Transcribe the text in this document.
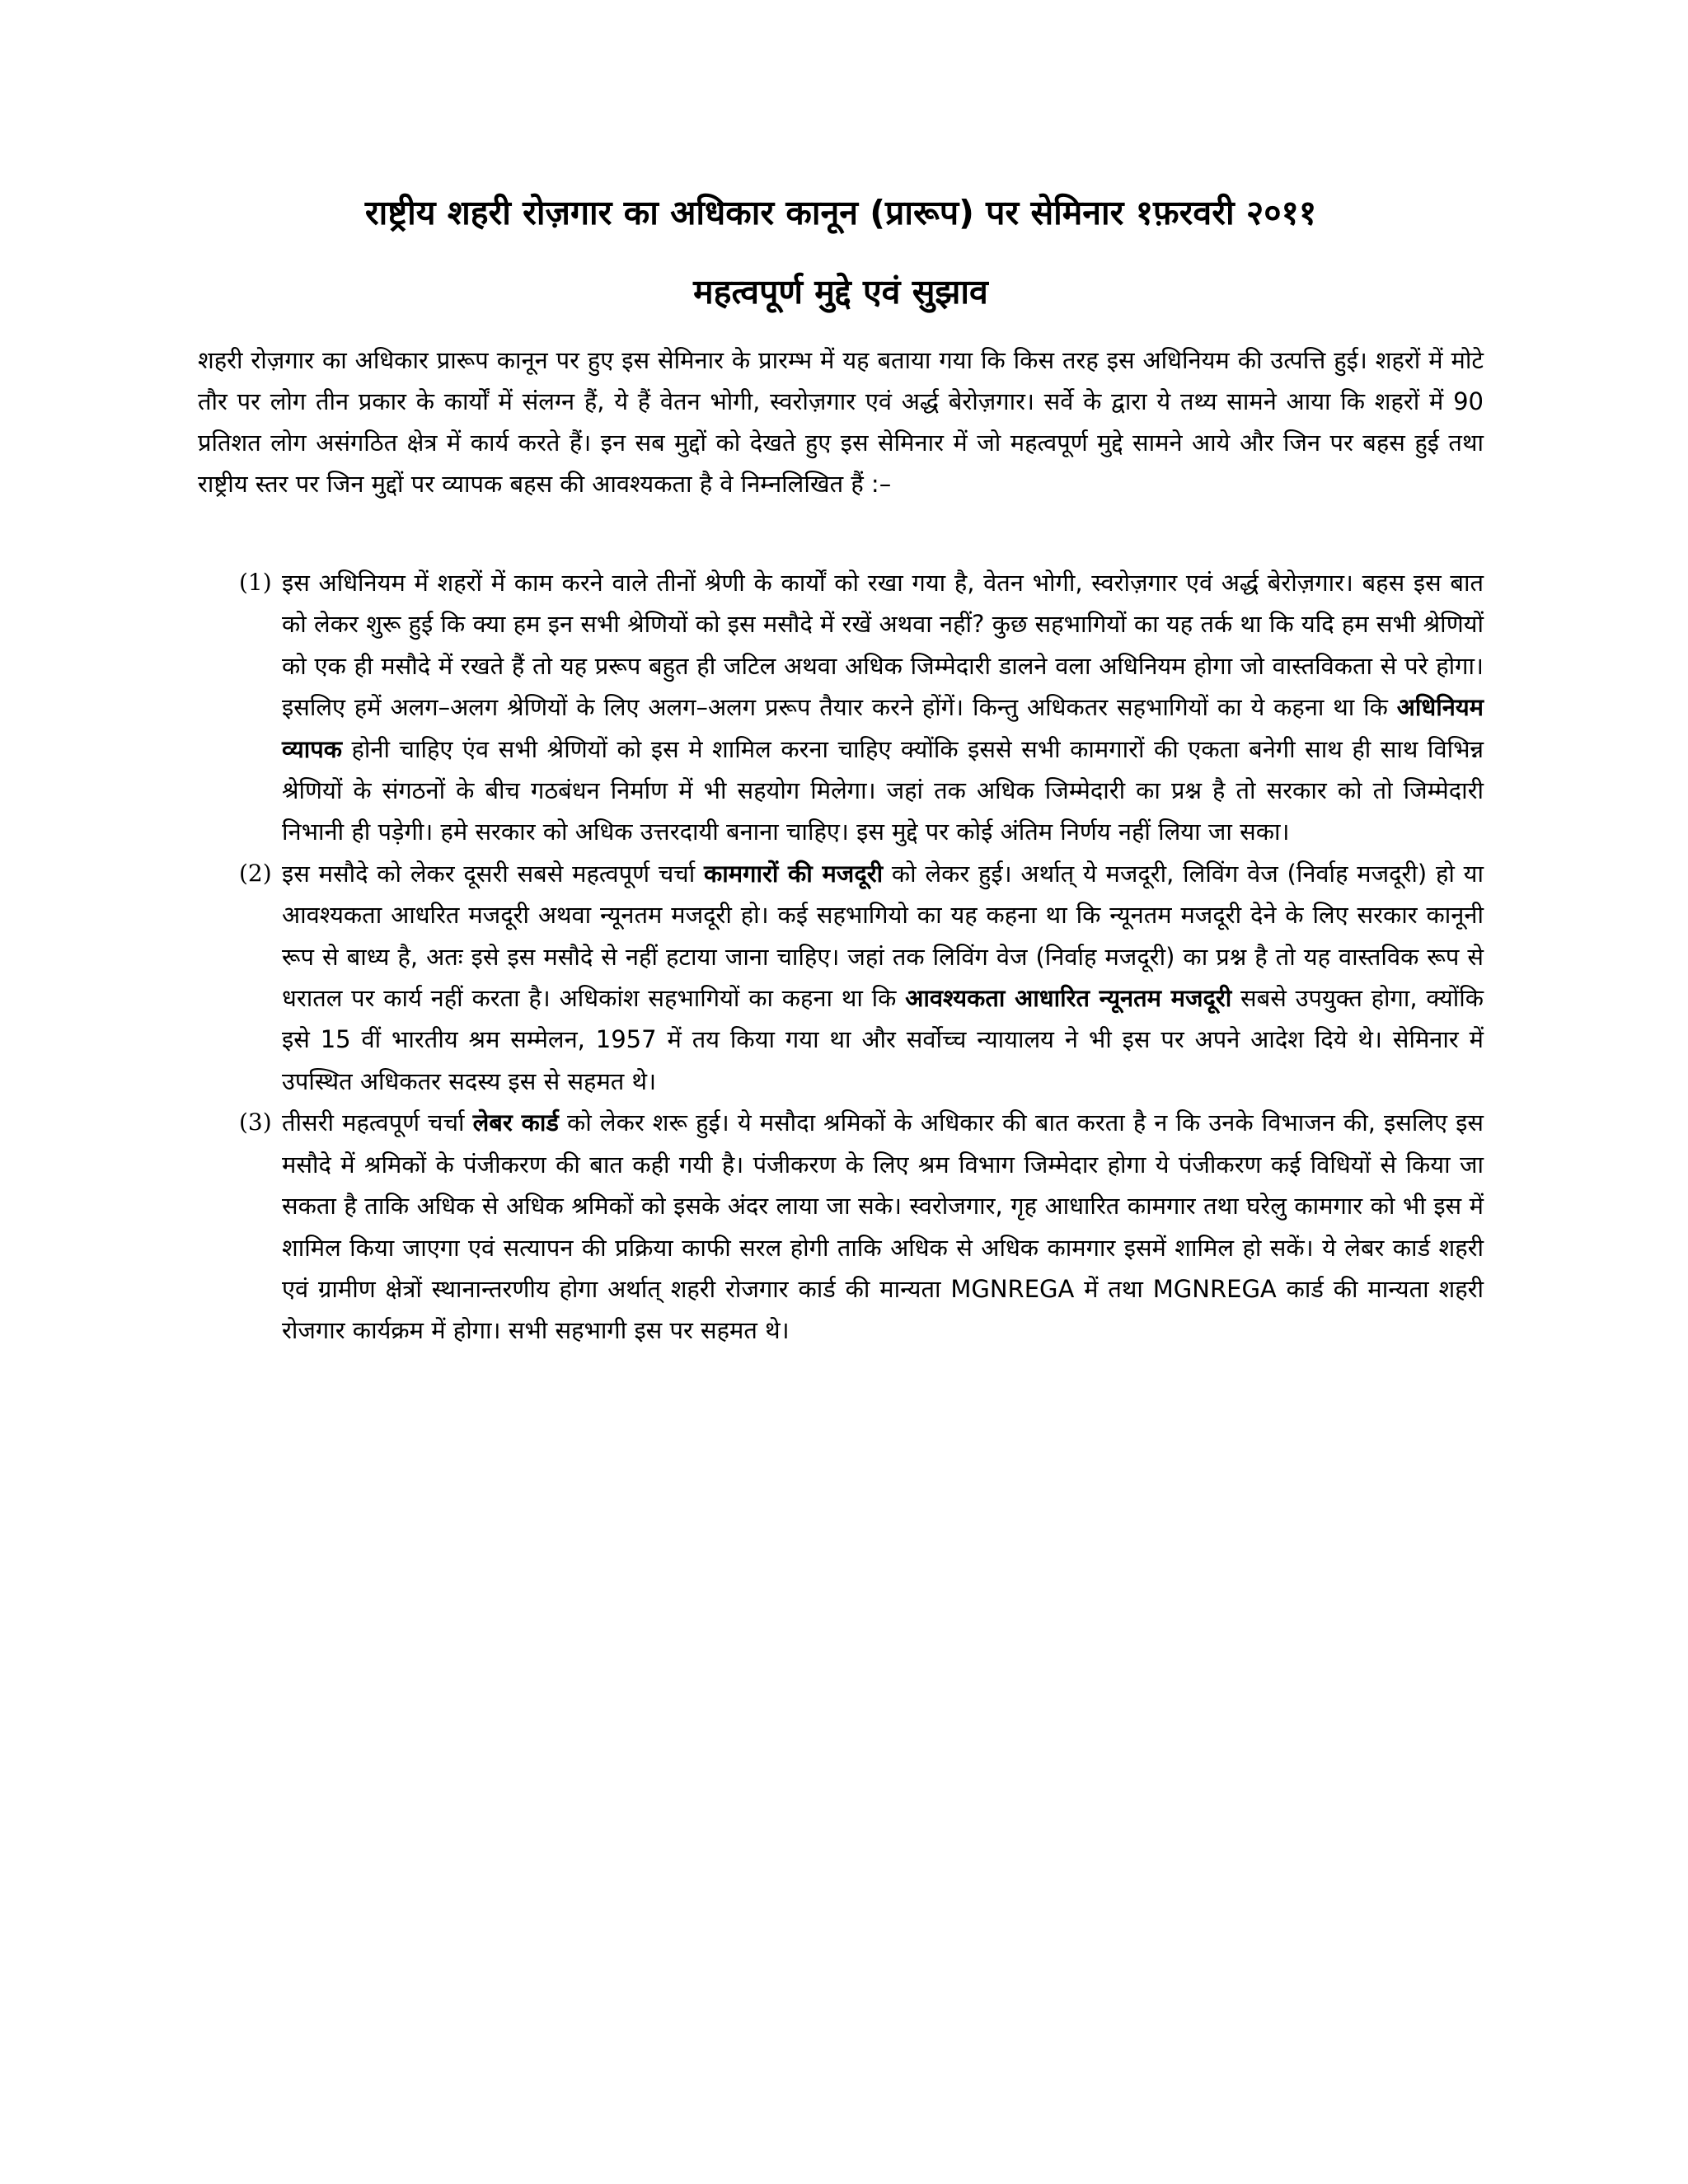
राष्ट्रीय शहरी रोज़गार का अधिकार कानून (प्रारूप) पर सेमिनार १फ़रवरी २०११
महत्वपूर्ण मुद्दे एवं सुझाव

शहरी रोज़गार का अधिकार प्रारूप कानून पर हुए इस सेमिनार के प्रारम्भ में यह बताया गया कि किस तरह इस अधिनियम की उत्पत्ति हुई। शहरों में मोटे तौर पर लोग तीन प्रकार के कार्यों में संलग्न हैं, ये हैं वेतन भोगी, स्वरोज़गार एवं अर्द्ध बेरोज़गार। सर्वे के द्वारा ये तथ्य सामने आया कि शहरों में 90 प्रतिशत लोग असंगठित क्षेत्र में कार्य करते हैं। इन सब मुद्दों को देखते हुए इस सेमिनार में जो महत्वपूर्ण मुद्दे सामने आये और जिन पर बहस हुई तथा राष्ट्रीय स्तर पर जिन मुद्दों पर व्यापक बहस की आवश्यकता है वे निम्नलिखित हैं :–

(1) इस अधिनियम में शहरों में काम करने वाले तीनों श्रेणी के कार्यों को रखा गया है, वेतन भोगी, स्वरोज़गार एवं अर्द्ध बेरोज़गार। बहस इस बात को लेकर शुरू हुई कि क्या हम इन सभी श्रेणियों को इस मसौदे में रखें अथवा नहीं? कुछ सहभागियों का यह तर्क था कि यदि हम सभी श्रेणियों को एक ही मसौदे में रखते हैं तो यह प्ररूप बहुत ही जटिल अथवा अधिक जिम्मेदारी डालने वला अधिनियम होगा जो वास्तविकता से परे होगा। इसलिए हमें अलग–अलग श्रेणियों के लिए अलग–अलग प्ररूप तैयार करने होंगें। किन्तु अधिकतर सहभागियों का ये कहना था कि अधिनियम व्यापक होनी चाहिए एंव सभी श्रेणियों को इस मे शामिल करना चाहिए क्योंकि इससे सभी कामगारों की एकता बनेगी साथ ही साथ विभिन्न श्रेणियों के संगठनों के बीच गठबंधन निर्माण में भी सहयोग मिलेगा। जहां तक अधिक जिम्मेदारी का प्रश्न है तो सरकार को तो जिम्मेदारी निभानी ही पड़ेगी। हमे सरकार को अधिक उत्तरदायी बनाना चाहिए। इस मुद्दे पर कोई अंतिम निर्णय नहीं लिया जा सका।
(2) इस मसौदे को लेकर दूसरी सबसे महत्वपूर्ण चर्चा कामगारों की मजदूरी को लेकर हुई। अर्थात् ये मजदूरी, लिविंग वेज (निर्वाह मजदूरी) हो या आवश्यकता आधरित मजदूरी अथवा न्यूनतम मजदूरी हो। कई सहभागियो का यह कहना था कि न्यूनतम मजदूरी देने के लिए सरकार कानूनी रूप से बाध्य है, अतः इसे इस मसौदे से नहीं हटाया जाना चाहिए। जहां तक लिविंग वेज (निर्वाह मजदूरी) का प्रश्न है तो यह वास्तविक रूप से धरातल पर कार्य नहीं करता है। अधिकांश सहभागियों का कहना था कि आवश्यकता आधारित न्यूनतम मजदूरी सबसे उपयुक्त होगा, क्योंकि इसे 15 वीं भारतीय श्रम सम्मेलन, 1957 में तय किया गया था और सर्वोच्च न्यायालय ने भी इस पर अपने आदेश दिये थे। सेमिनार में उपस्थित अधिकतर सदस्य इस से सहमत थे।
(3) तीसरी महत्वपूर्ण चर्चा लेबर कार्ड को लेकर शरू हुई। ये मसौदा श्रमिकों के अधिकार की बात करता है न कि उनके विभाजन की, इसलिए इस मसौदे में श्रमिकों के पंजीकरण की बात कही गयी है। पंजीकरण के लिए श्रम विभाग जिम्मेदार होगा ये पंजीकरण कई विधियों से किया जा सकता है ताकि अधिक से अधिक श्रमिकों को इसके अंदर लाया जा सके। स्वरोजगार, गृह आधारित कामगार तथा घरेलु कामगार को भी इस में शामिल किया जाएगा एवं सत्यापन की प्रक्रिया काफी सरल होगी ताकि अधिक से अधिक कामगार इसमें शामिल हो सकें। ये लेबर कार्ड शहरी एवं ग्रामीण क्षेत्रों स्थानान्तरणीय होगा अर्थात् शहरी रोजगार कार्ड की मान्यता MGNREGA में तथा MGNREGA कार्ड की मान्यता शहरी रोजगार कार्यक्रम में होगा। सभी सहभागी इस पर सहमत थे।
